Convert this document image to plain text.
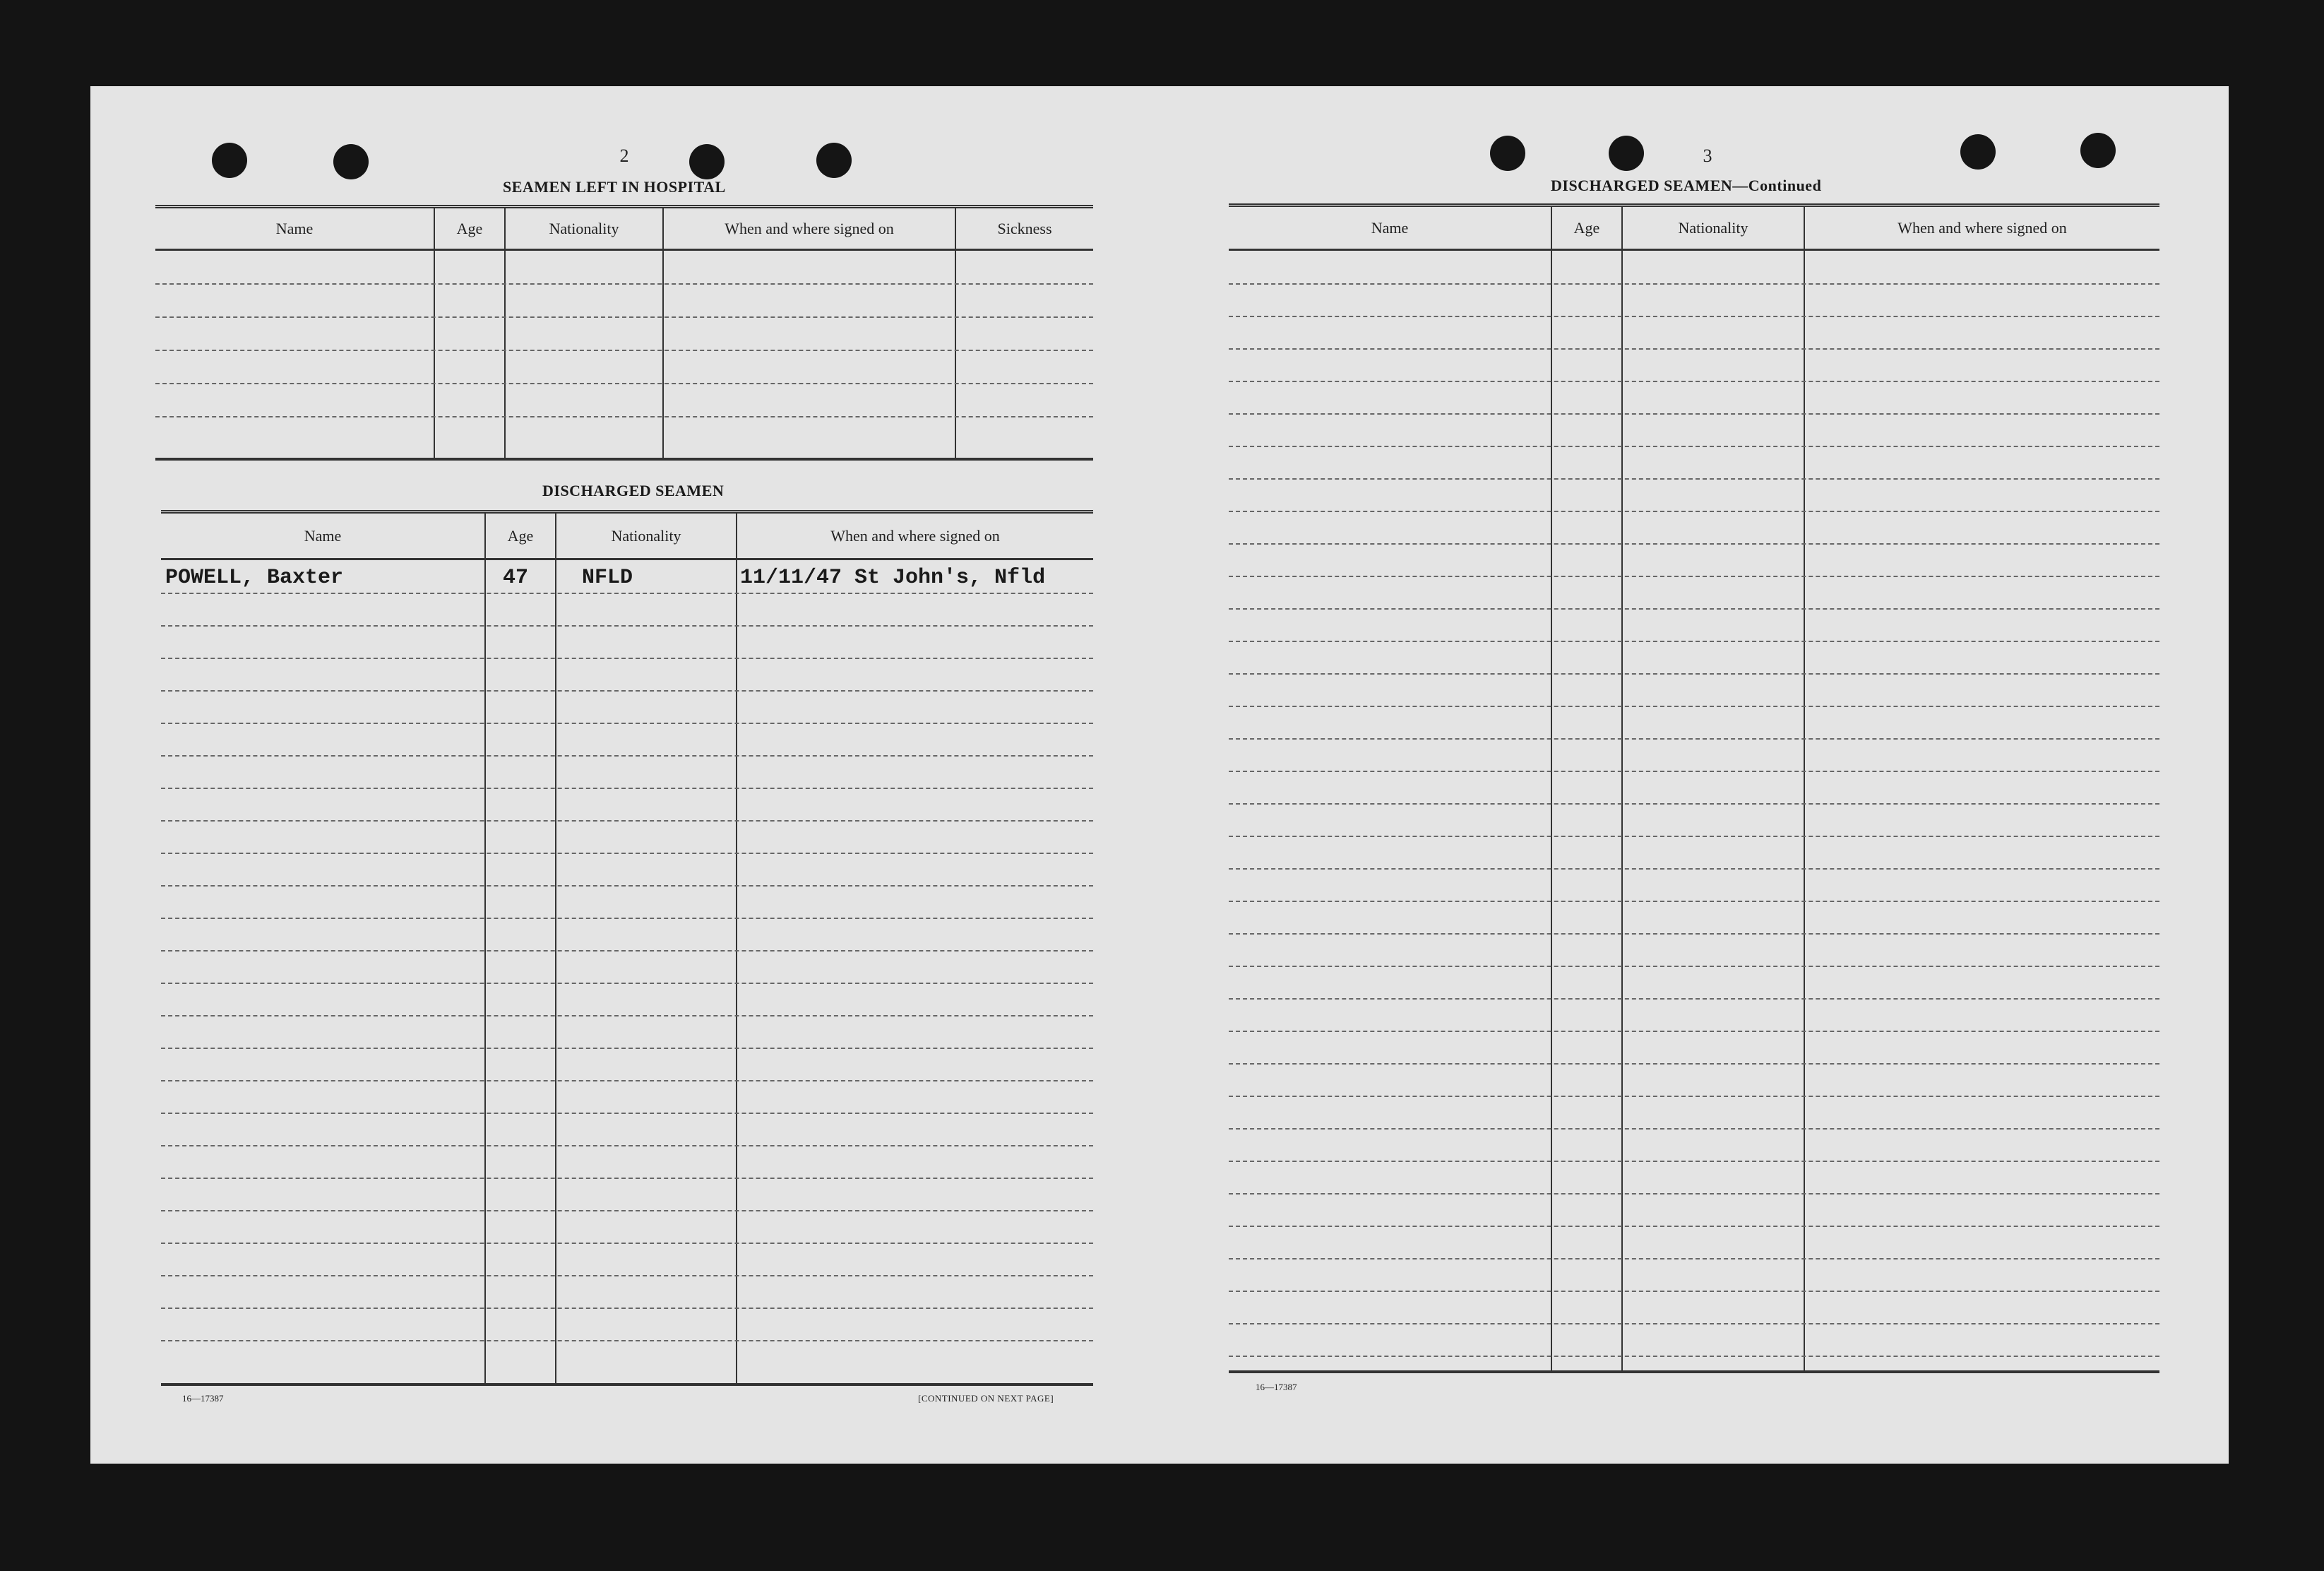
2
SEAMEN LEFT IN HOSPITAL
Name	Age	Nationality	When and where signed on	Sickness
DISCHARGED SEAMEN
Name	Age	Nationality	When and where signed on
POWELL, Baxter	47	NFLD	11/11/47 St John's, Nfld
16—17387	[CONTINUED ON NEXT PAGE]
3
DISCHARGED SEAMEN—Continued
Name	Age	Nationality	When and where signed on
16—17387
